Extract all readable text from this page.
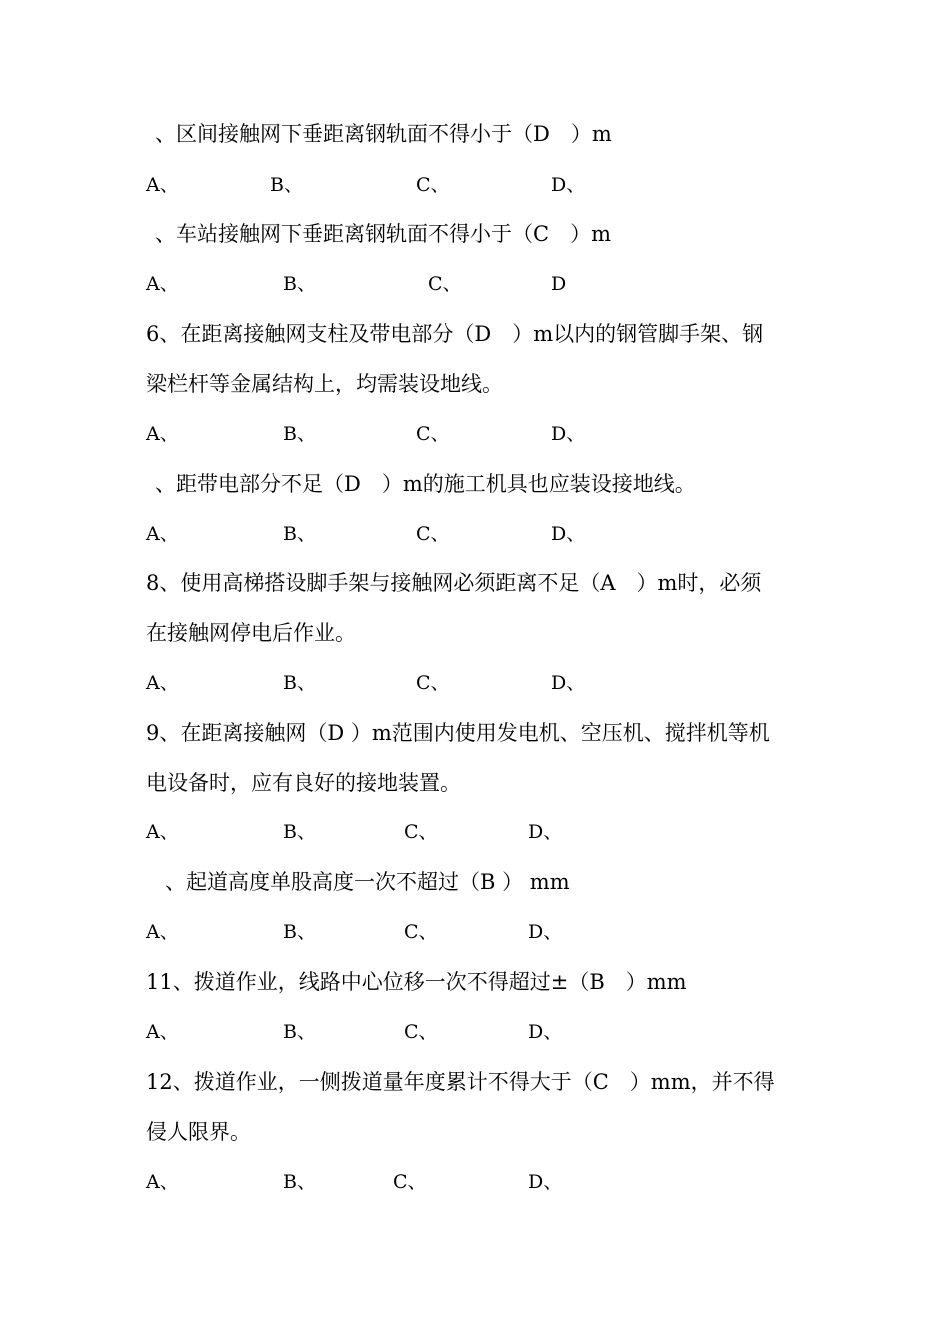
、区间接触网下垂距离钢轨面不得小于（D　）m
A、	B、	C、	D、
、车站接触网下垂距离钢轨面不得小于（C　）m
A、	B、	C、	D
6、在距离接触网支柱及带电部分（D　）m以内的钢管脚手架、钢
梁栏杆等金属结构上，均需装设地线。
A、	B、	C、	D、
、距带电部分不足（D　）m的施工机具也应装设接地线。
A、	B、	C、	D、
8、使用高梯搭设脚手架与接触网必须距离不足（A　）m时，必须
在接触网停电后作业。
A、	B、	C、	D、
9、在距离接触网（D ）m范围内使用发电机、空压机、搅拌机等机
电设备时，应有良好的接地装置。
A、	B、	C、	D、
、起道高度单股高度一次不超过（B ） mm
A、	B、	C、	D、
11、拨道作业，线路中心位移一次不得超过±（B　）mm
A、	B、	C、	D、
12、拨道作业，一侧拨道量年度累计不得大于（C　）mm，并不得
侵人限界。
A、	B、	C、	D、
